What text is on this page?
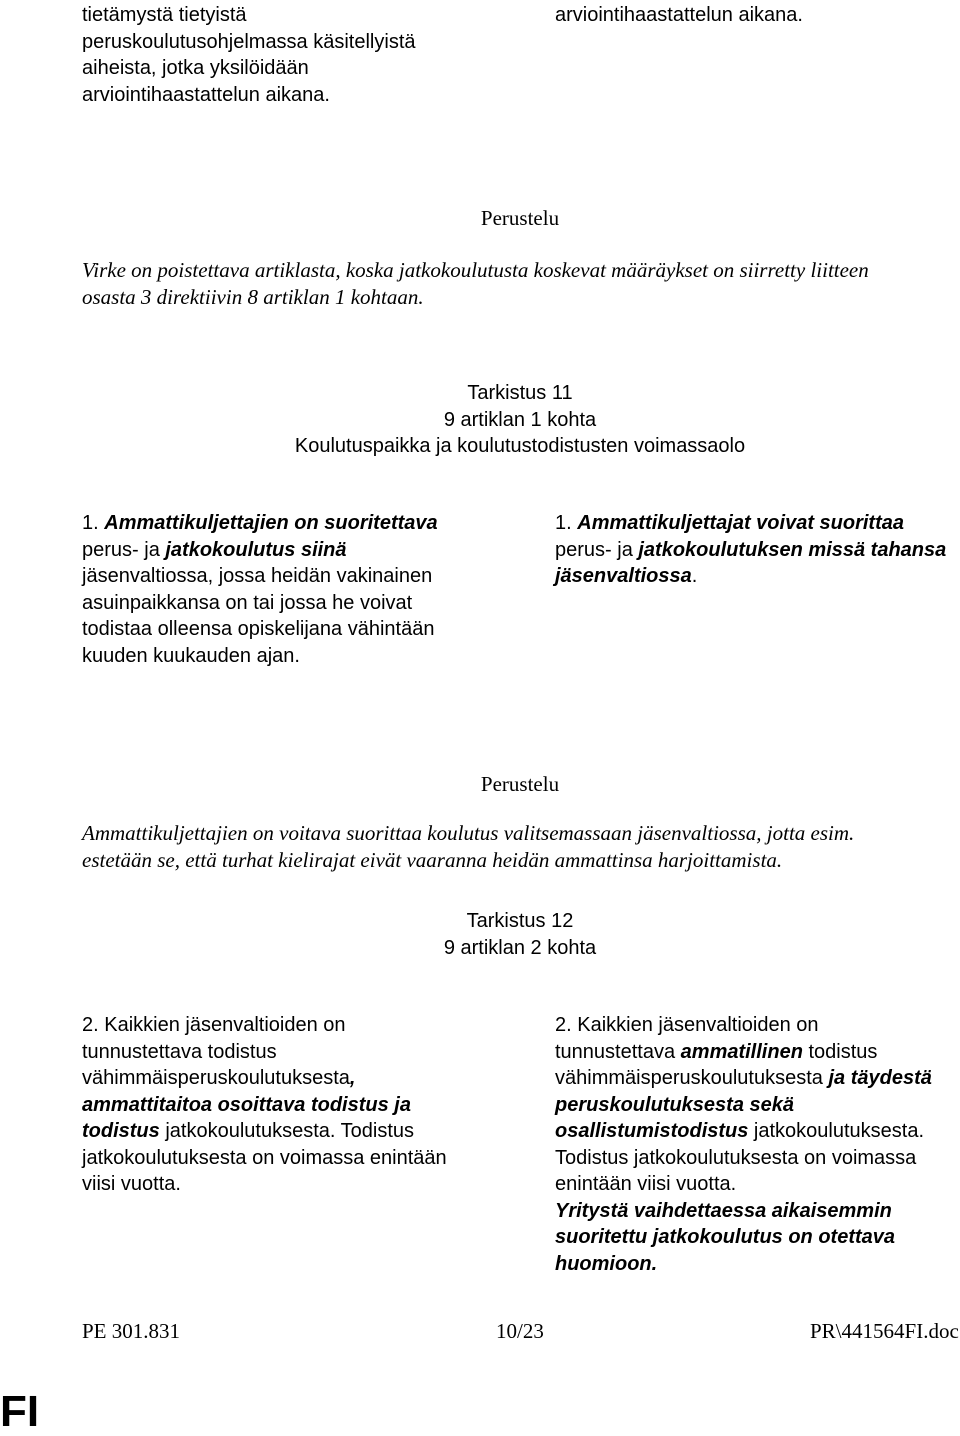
tietämystä tietyistä
peruskoulutusohjelmassa käsitellyistä
aiheista, jotka yksilöidään
arviointihaastattelun aikana.
arviointihaastattelun aikana.
Perustelu
Virke on poistettava artiklasta, koska jatkokoulutusta koskevat määräykset on siirretty liitteen
osasta 3 direktiivin 8 artiklan 1 kohtaan.
Tarkistus 11
9 artiklan 1 kohta
Koulutuspaikka ja koulutustodistusten voimassaolo
1. Ammattikuljettajien on suoritettava
perus- ja jatkokoulutus siinä
jäsenvaltiossa, jossa heidän vakinainen
asuinpaikkansa on tai jossa he voivat
todistaa olleensa opiskelijana vähintään
kuuden kuukauden ajan.
1. Ammattikuljettajat voivat suorittaa
perus- ja jatkokoulutuksen missä tahansa
jäsenvaltiossa.
Perustelu
Ammattikuljettajien on voitava suorittaa koulutus valitsemassaan jäsenvaltiossa, jotta esim.
estetään se, että turhat kielirajat eivät vaaranna heidän ammattinsa harjoittamista.
Tarkistus 12
9 artiklan 2 kohta
2. Kaikkien jäsenvaltioiden on
tunnustettava todistus
vähimmäisperuskoulutuksesta,
ammattitaitoa osoittava todistus ja
todistus jatkokoulutuksesta. Todistus
jatkokoulutuksesta on voimassa enintään
viisi vuotta.
2. Kaikkien jäsenvaltioiden on
tunnustettava ammatillinen todistus
vähimmäisperuskoulutuksesta ja täydestä
peruskoulutuksesta sekä
osallistumistodistus jatkokoulutuksesta.
Todistus jatkokoulutuksesta on voimassa
enintään viisi vuotta.
Yritystä vaihdettaessa aikaisemmin
suoritettu jatkokoulutus on otettava
huomioon.
PE 301.831	10/23	PR\441564FI.doc
FI
